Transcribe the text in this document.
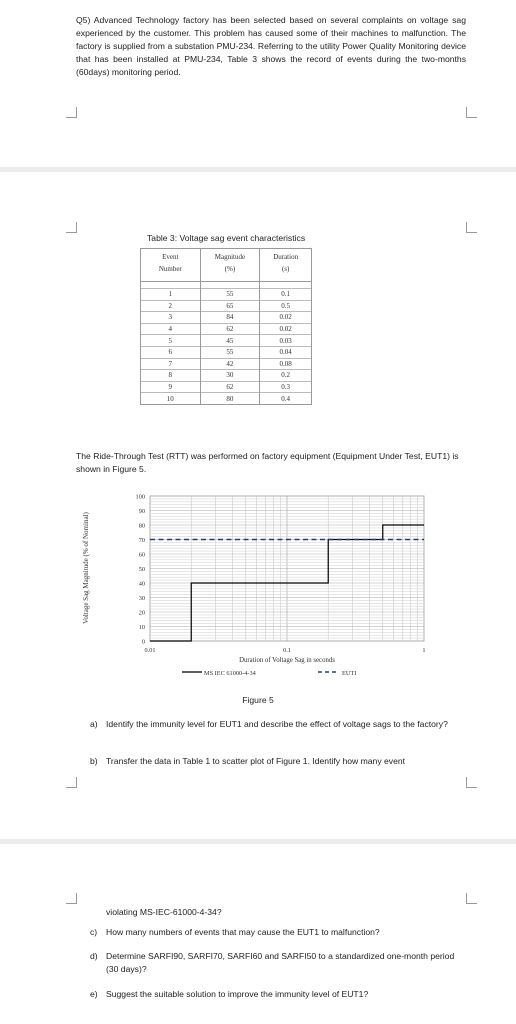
Q5) Advanced Technology factory has been selected based on several complaints on voltage sag experienced by the customer. This problem has caused some of their machines to malfunction. The factory is supplied from a substation PMU-234. Referring to the utility Power Quality Monitoring device that has been installed at PMU-234, Table 3 shows the record of events during the two-months (60days) monitoring period.
Table 3: Voltage sag event characteristics
Event	Magnitude	Duration
Number	(%)	(s)

1	55	0.1
2	65	0.5
3	84	0.02
4	62	0.02
5	45	0.03
6	55	0.04
7	42	0.08
8	30	0.2
9	62	0.3
10	80	0.4
The Ride-Through Test (RTT) was performed on factory equipment (Equipment Under Test, EUT1) is shown in Figure 5.
0
10
20
30
40
50
60
70
80
90
100
0.01	0.1	1
Voltage Sag Magnitude (% of Nominal)
Duration of Voltage Sag in seconds
MS IEC 61000-4-34	EUTI
Figure 5
a) Identify the immunity level for EUT1 and describe the effect of voltage sags to the factory?
b) Transfer the data in Table 1 to scatter plot of Figure 1. Identify how many event
violating MS-IEC-61000-4-34?
c)	How many numbers of events that may cause the EUT1 to malfunction?
d) Determine SARFI90, SARFI70, SARFI60 and SARFI50 to a standardized one-month period (30 days)?
e) Suggest the suitable solution to improve the immunity level of EUT1?
